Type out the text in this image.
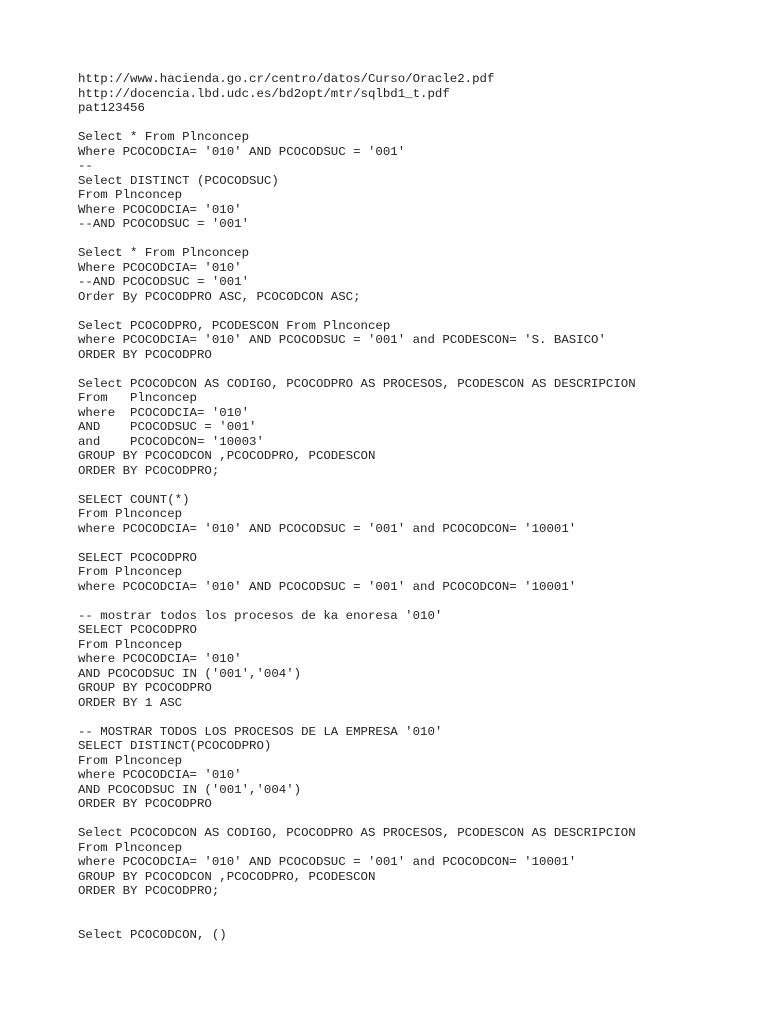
http://www.hacienda.go.cr/centro/datos/Curso/Oracle2.pdf
http://docencia.lbd.udc.es/bd2opt/mtr/sqlbd1_t.pdf
pat123456
Select * From Plnconcep
Where PCOCODCIA= '010' AND PCOCODSUC = '001'
--
Select DISTINCT (PCOCODSUC)
From Plnconcep
Where PCOCODCIA= '010'
--AND PCOCODSUC = '001'
Select * From Plnconcep
Where PCOCODCIA= '010'
--AND PCOCODSUC = '001'
Order By PCOCODPRO ASC, PCOCODCON ASC;
Select PCOCODPRO, PCODESCON From Plnconcep
where PCOCODCIA= '010' AND PCOCODSUC = '001' and PCODESCON= 'S. BASICO'
ORDER BY PCOCODPRO
Select PCOCODCON AS CODIGO, PCOCODPRO AS PROCESOS, PCODESCON AS DESCRIPCION
From   Plnconcep
where  PCOCODCIA= '010'
AND    PCOCODSUC = '001'
and    PCOCODCON= '10003'
GROUP BY PCOCODCON ,PCOCODPRO, PCODESCON
ORDER BY PCOCODPRO;
SELECT COUNT(*)
From Plnconcep
where PCOCODCIA= '010' AND PCOCODSUC = '001' and PCOCODCON= '10001'
SELECT PCOCODPRO
From Plnconcep
where PCOCODCIA= '010' AND PCOCODSUC = '001' and PCOCODCON= '10001'
-- mostrar todos los procesos de ka enoresa '010'
SELECT PCOCODPRO
From Plnconcep
where PCOCODCIA= '010'
AND PCOCODSUC IN ('001','004')
GROUP BY PCOCODPRO
ORDER BY 1 ASC
-- MOSTRAR TODOS LOS PROCESOS DE LA EMPRESA '010'
SELECT DISTINCT(PCOCODPRO)
From Plnconcep
where PCOCODCIA= '010'
AND PCOCODSUC IN ('001','004')
ORDER BY PCOCODPRO
Select PCOCODCON AS CODIGO, PCOCODPRO AS PROCESOS, PCODESCON AS DESCRIPCION
From Plnconcep
where PCOCODCIA= '010' AND PCOCODSUC = '001' and PCOCODCON= '10001'
GROUP BY PCOCODCON ,PCOCODPRO, PCODESCON
ORDER BY PCOCODPRO;
Select PCOCODCON, ()
